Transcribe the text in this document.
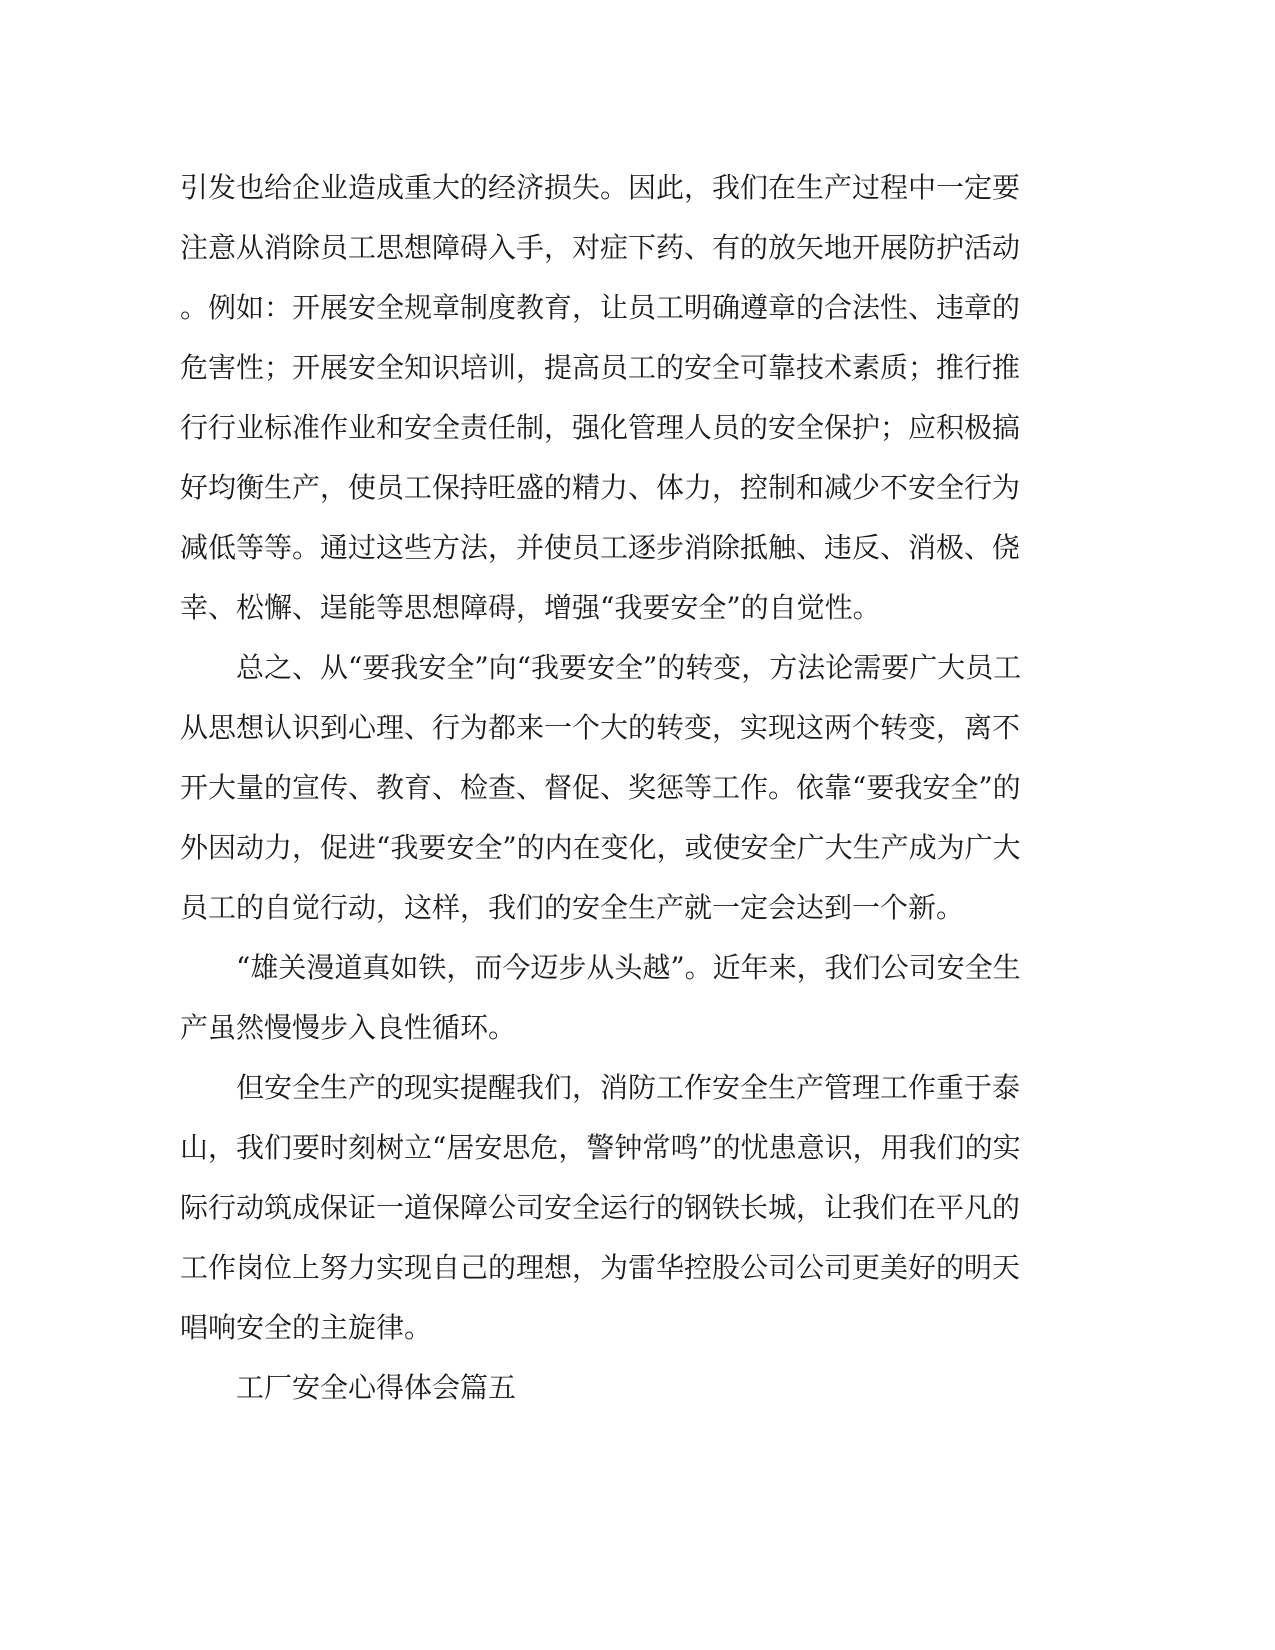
引发也给企业造成重大的经济损失。因此，我们在生产过程中一定要
注意从消除员工思想障碍入手，对症下药、有的放矢地开展防护活动
。例如：开展安全规章制度教育，让员工明确遵章的合法性、违章的
危害性；开展安全知识培训，提高员工的安全可靠技术素质；推行推
行行业标准作业和安全责任制，强化管理人员的安全保护；应积极搞
好均衡生产，使员工保持旺盛的精力、体力，控制和减少不安全行为
减低等等。通过这些方法，并使员工逐步消除抵触、违反、消极、侥
幸、松懈、逞能等思想障碍，增强“我要安全”的自觉性。
　　总之、从“要我安全”向“我要安全”的转变，方法论需要广大员工
从思想认识到心理、行为都来一个大的转变，实现这两个转变，离不
开大量的宣传、教育、检查、督促、奖惩等工作。依靠“要我安全”的
外因动力，促进“我要安全”的内在变化，或使安全广大生产成为广大
员工的自觉行动，这样，我们的安全生产就一定会达到一个新。
　　“雄关漫道真如铁，而今迈步从头越”。近年来，我们公司安全生
产虽然慢慢步入良性循环。
　　但安全生产的现实提醒我们，消防工作安全生产管理工作重于泰
山，我们要时刻树立“居安思危，警钟常鸣”的忧患意识，用我们的实
际行动筑成保证一道保障公司安全运行的钢铁长城，让我们在平凡的
工作岗位上努力实现自己的理想，为雷华控股公司公司更美好的明天
唱响安全的主旋律。
　　工厂安全心得体会篇五
